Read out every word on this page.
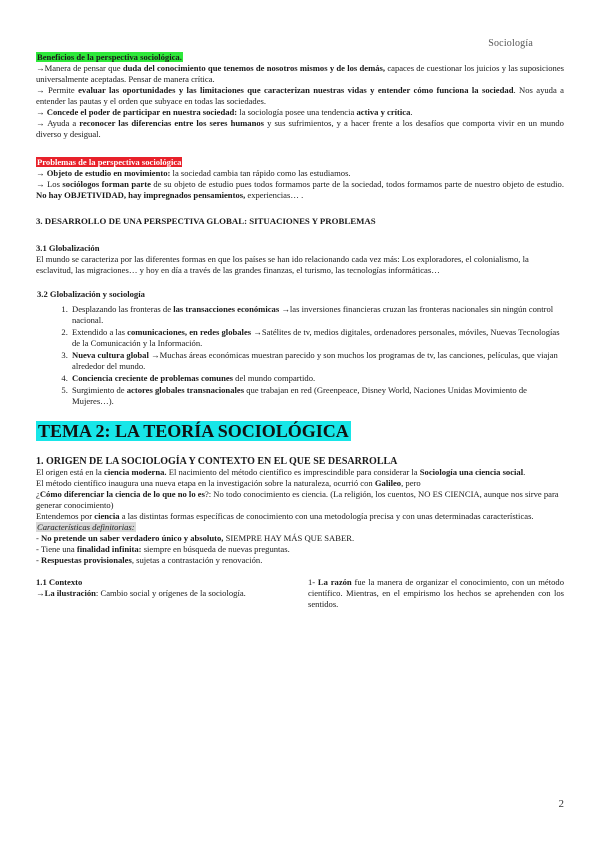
Sociología

Beneficios de la perspectiva sociológica.

→Manera de pensar que duda del conocimiento que tenemos de nosotros mismos y de los demás, capaces de cuestionar los juicios y las suposiciones universalmente aceptadas. Pensar de manera crítica.

→ Permite evaluar las oportunidades y las limitaciones que caracterizan nuestras vidas y entender cómo funciona la sociedad. Nos ayuda a entender las pautas y el orden que subyace en todas las sociedades.

→ Concede el poder de participar en nuestra sociedad: la sociología posee una tendencia activa y crítica.

→ Ayuda a reconocer las diferencias entre los seres humanos y sus sufrimientos, y a hacer frente a los desafíos que comporta vivir en un mundo diverso y desigual.

Problemas de la perspectiva sociológica

→ Objeto de estudio en movimiento: la sociedad cambia tan rápido como las estudiamos.

→ Los sociólogos forman parte de su objeto de estudio pues todos formamos parte de la sociedad, todos formamos parte de nuestro objeto de estudio. No hay OBJETIVIDAD, hay impregnados pensamientos, experiencias… .

3. DESARROLLO DE UNA PERSPECTIVA GLOBAL: SITUACIONES Y PROBLEMAS

3.1 Globalización

El mundo se caracteriza por las diferentes formas en que los países se han ido relacionando cada vez más: Los exploradores, el colonialismo, la esclavitud, las migraciones… y hoy en día a través de las grandes finanzas, el turismo, las tecnologías informáticas…

3.2 Globalización y sociología

1. Desplazando las fronteras de las transacciones económicas →las inversiones financieras cruzan las fronteras nacionales sin ningún control nacional.
2. Extendido a las comunicaciones, en redes globales →Satélites de tv, medios digitales, ordenadores personales, móviles, Nuevas Tecnologías de la Comunicación y la Información.
3. Nueva cultura global →Muchas áreas económicas muestran parecido y son muchos los programas de tv, las canciones, películas, que viajan alrededor del mundo.
4. Conciencia creciente de problemas comunes del mundo compartido.
5. Surgimiento de actores globales transnacionales que trabajan en red (Greenpeace, Disney World, Naciones Unidas Movimiento de Mujeres…).

TEMA 2: LA TEORÍA SOCIOLÓGICA

1. ORIGEN DE LA SOCIOLOGÍA Y CONTEXTO EN EL QUE SE DESARROLLA

El origen está en la ciencia moderna. El nacimiento del método científico es imprescindible para considerar la Sociología una ciencia social.

El método científico inaugura una nueva etapa en la investigación sobre la naturaleza, ocurrió con Galileo, pero

¿Cómo diferenciar la ciencia de lo que no lo es?: No todo conocimiento es ciencia. (La religión, los cuentos, NO ES CIENCIA, aunque nos sirve para generar conocimiento)

Entendemos por ciencia a las distintas formas específicas de conocimiento con una metodología precisa y con unas determinadas características.

Características definitorias:

- No pretende un saber verdadero único y absoluto, SIEMPRE HAY MÁS QUE SABER.

- Tiene una finalidad infinita: siempre en búsqueda de nuevas preguntas.

- Respuestas provisionales, sujetas a contrastación y renovación.

1.1 Contexto

→La ilustración: Cambio social y orígenes de la sociología.

1- La razón fue la manera de organizar el conocimiento, con un método científico. Mientras, en el empirismo los hechos se aprehenden con los sentidos.

2
